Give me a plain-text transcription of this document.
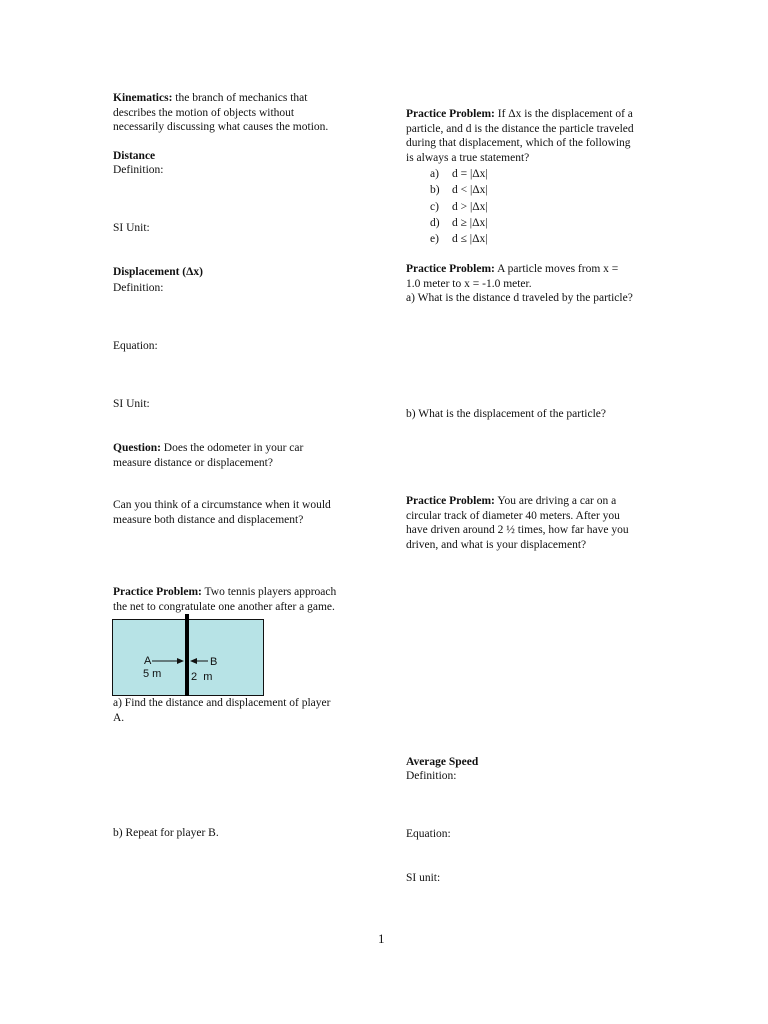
Kinematics: the branch of mechanics that
describes the motion of objects without
necessarily discussing what causes the motion.
Distance
Definition:
SI Unit:
Displacement (Δx)
Definition:
Equation:
SI Unit:
Question: Does the odometer in your car
measure distance or displacement?
Can you think of a circumstance when it would
measure both distance and displacement?
Practice Problem: Two tennis players approach
the net to congratulate one another after a game.
A	B
5 m	2  m
a) Find the distance and displacement of player
A.
b) Repeat for player B.
Practice Problem: If Δx is the displacement of a
particle, and d is the distance the particle traveled
during that displacement, which of the following
is always a true statement?
a)	d = |Δx|
b)	d < |Δx|
c)	d > |Δx|
d)	d ≥ |Δx|
e)	d ≤ |Δx|
Practice Problem: A particle moves from x =
1.0 meter to x = -1.0 meter.
a) What is the distance d traveled by the particle?
b) What is the displacement of the particle?
Practice Problem: You are driving a car on a
circular track of diameter 40 meters. After you
have driven around 2 ½ times, how far have you
driven, and what is your displacement?
Average Speed
Definition:
Equation:
SI unit:
1
